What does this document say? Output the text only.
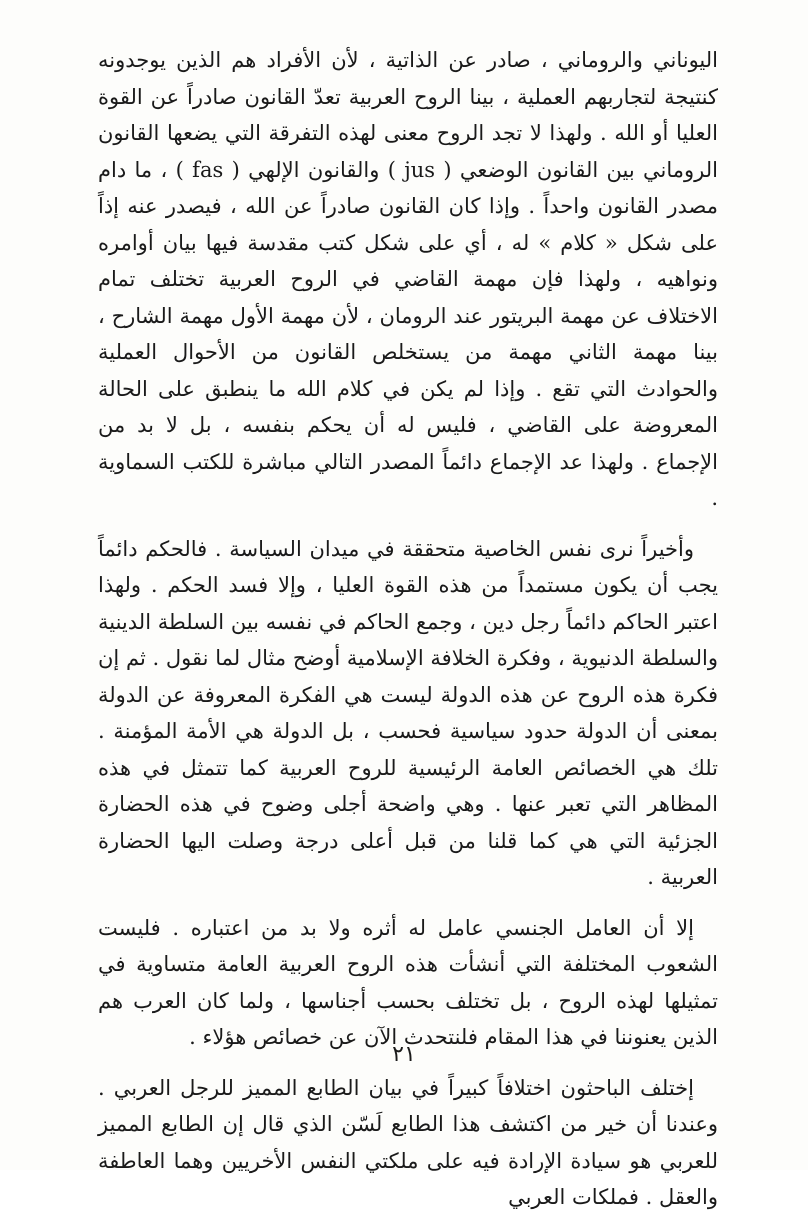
اليوناني والروماني ، صادر عن الذاتية ، لأن الأفراد هم الذين يوجدونه كنتيجة لتجاربهم العملية ، بينا الروح العربية تعدّ القانون صادراً عن القوة العليا أو الله . ولهذا لا تجد الروح معنى لهذه التفرقة التي يضعها القانون الروماني بين القانون الوضعي ( jus ) والقانون الإلهي ( fas ) ، ما دام مصدر القانون واحداً . وإذا كان القانون صادراً عن الله ، فيصدر عنه إذاً على شكل « كلام » له ، أي على شكل كتب مقدسة فيها بيان أوامره ونواهيه ، ولهذا فإن مهمة القاضي في الروح العربية تختلف تمام الاختلاف عن مهمة البريتور عند الرومان ، لأن مهمة الأول مهمة الشارح ، بينا مهمة الثاني مهمة من يستخلص القانون من الأحوال العملية والحوادث التي تقع . وإذا لم يكن في كلام الله ما ينطبق على الحالة المعروضة على القاضي ، فليس له أن يحكم بنفسه ، بل لا بد من الإجماع . ولهذا عد الإجماع دائماً المصدر التالي مباشرة للكتب السماوية .

وأخيراً نرى نفس الخاصية متحققة في ميدان السياسة . فالحكم دائماً يجب أن يكون مستمداً من هذه القوة العليا ، وإلا فسد الحكم . ولهذا اعتبر الحاكم دائماً رجل دين ، وجمع الحاكم في نفسه بين السلطة الدينية والسلطة الدنيوية ، وفكرة الخلافة الإسلامية أوضح مثال لما نقول . ثم إن فكرة هذه الروح عن هذه الدولة ليست هي الفكرة المعروفة عن الدولة بمعنى أن الدولة حدود سياسية فحسب ، بل الدولة هي الأمة المؤمنة . تلك هي الخصائص العامة الرئيسية للروح العربية كما تتمثل في هذه المظاهر التي تعبر عنها . وهي واضحة أجلى وضوح في هذه الحضارة الجزئية التي هي كما قلنا من قبل أعلى درجة وصلت اليها الحضارة العربية .

إلا أن العامل الجنسي عامل له أثره ولا بد من اعتباره . فليست الشعوب المختلفة التي أنشأت هذه الروح العربية العامة متساوية في تمثيلها لهذه الروح ، بل تختلف بحسب أجناسها ، ولما كان العرب هم الذين يعنوننا في هذا المقام فلنتحدث الآن عن خصائص هؤلاء .

إختلف الباحثون اختلافاً كبيراً في بيان الطابع المميز للرجل العربي . وعندنا أن خير من اكتشف هذا الطابع لَسّن الذي قال إن الطابع المميز للعربي هو سيادة الإرادة فيه على ملكتي النفس الأخريين وهما العاطفة والعقل . فملكات العربي

٢١
